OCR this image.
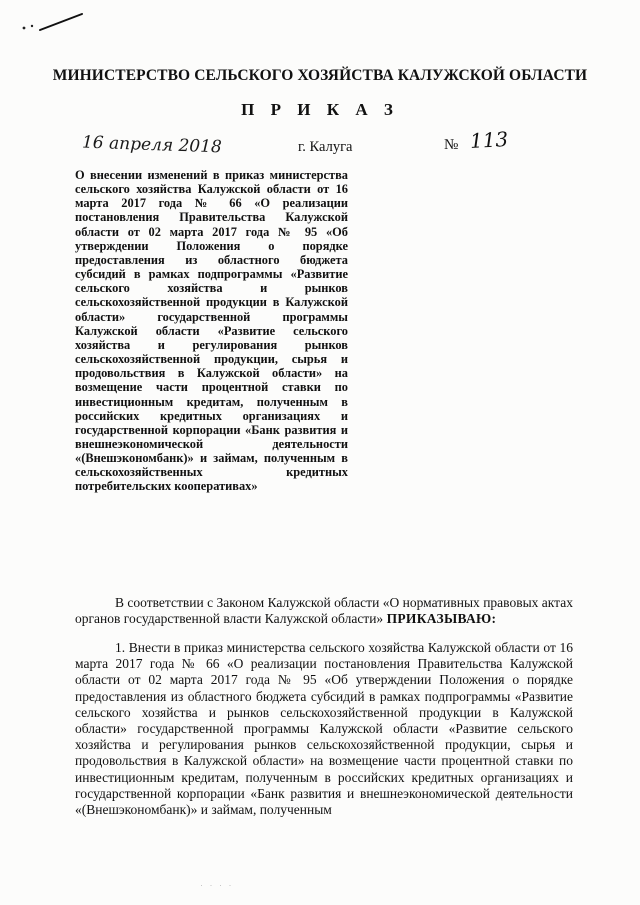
МИНИСТЕРСТВО СЕЛЬСКОГО ХОЗЯЙСТВА КАЛУЖСКОЙ ОБЛАСТИ
П Р И К А З
16 апреля 2018	г. Калуга	№ 113
О внесении изменений в приказ министерства сельского хозяйства Калужской области от 16 марта 2017 года № 66 «О реализации постановления Правительства Калужской области от 02 марта 2017 года № 95 «Об утверждении Положения о порядке предоставления из областного бюджета субсидий в рамках подпрограммы «Развитие сельского хозяйства и рынков сельскохозяйственной продукции в Калужской области» государственной программы Калужской области «Развитие сельского хозяйства и регулирования рынков сельскохозяйственной продукции, сырья и продовольствия в Калужской области» на возмещение части процентной ставки по инвестиционным кредитам, полученным в российских кредитных организациях и государственной корпорации «Банк развития и внешнеэкономической деятельности «(Внешэкономбанк)» и займам, полученным в сельскохозяйственных кредитных потребительских кооперативах»
В соответствии с Законом Калужской области «О нормативных правовых актах органов государственной власти Калужской области» ПРИКАЗЫВАЮ:
1. Внести в приказ министерства сельского хозяйства Калужской области от 16 марта 2017 года № 66 «О реализации постановления Правительства Калужской области от 02 марта 2017 года № 95 «Об утверждении Положения о порядке предоставления из областного бюджета субсидий в рамках подпрограммы «Развитие сельского хозяйства и рынков сельскохозяйственной продукции в Калужской области» государственной программы Калужской области «Развитие сельского хозяйства и регулирования рынков сельскохозяйственной продукции, сырья и продовольствия в Калужской области» на возмещение части процентной ставки по инвестиционным кредитам, полученным в российских кредитных организациях и государственной корпорации «Банк развития и внешнеэкономической деятельности «(Внешэкономбанк)» и займам, полученным
· · · ·
